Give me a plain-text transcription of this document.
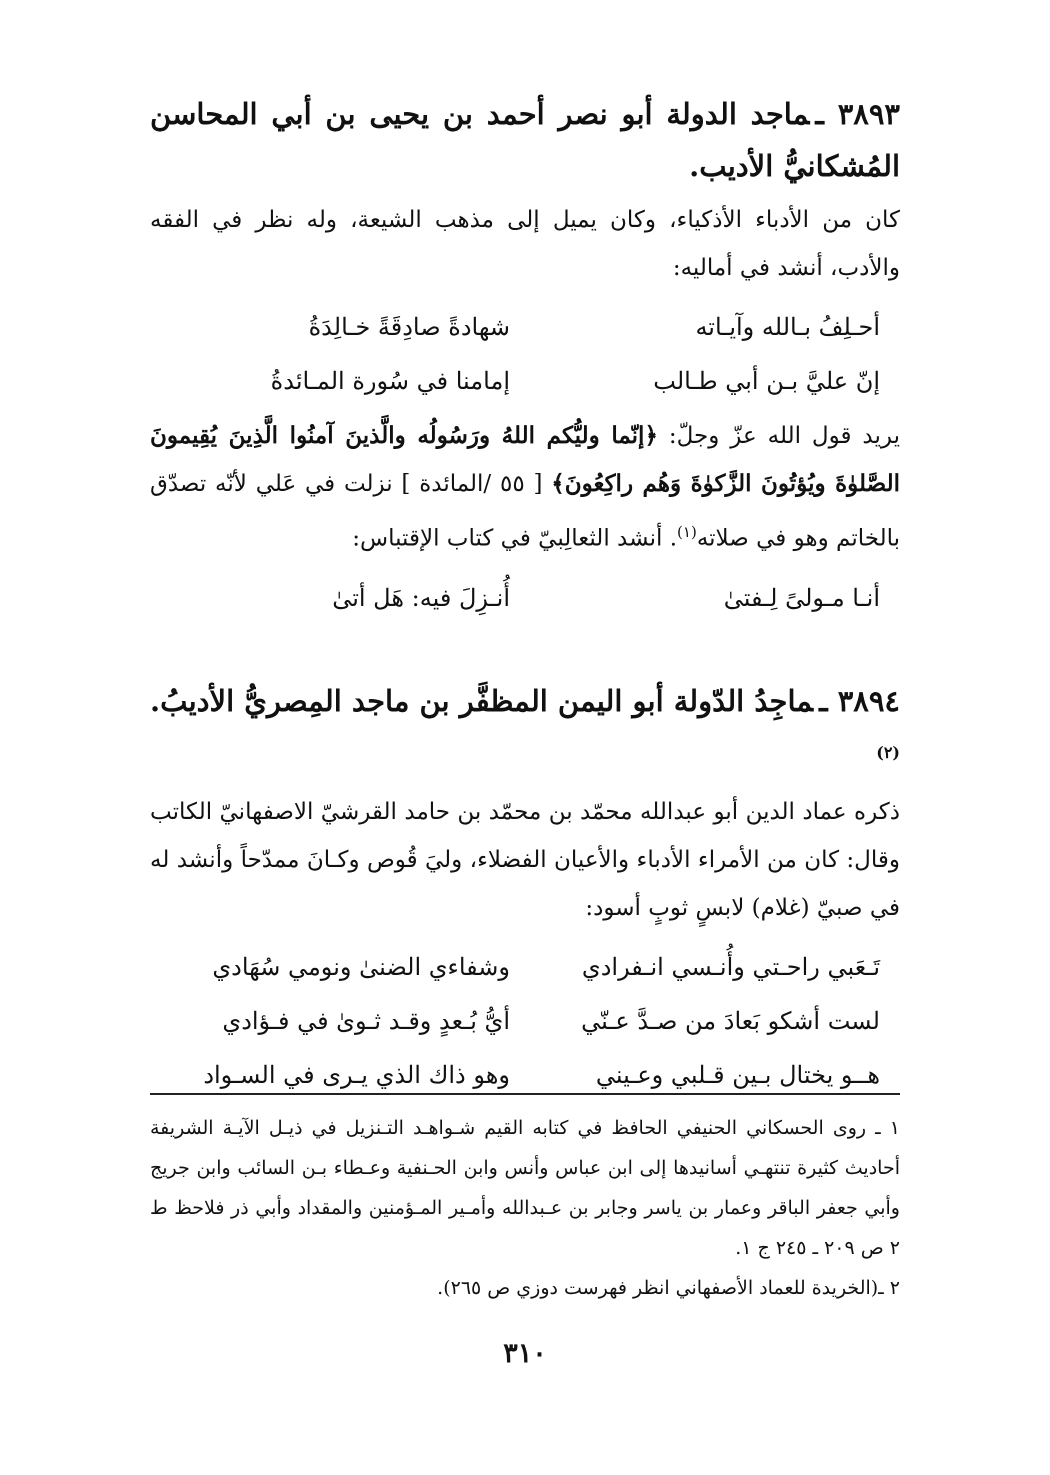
٣٨٩٣ ـماجد الدولة أبو نصر أحمد بن يحيى بن أبي المحاسن المُشكانيُّ الأديب.

كان من الأدباء الأذكياء، وكان يميل إلى مذهب الشيعة، وله نظر في الفقه والأدب، أنشد في أماليه:

أحـلِفُ بـالله وآيـاته
شهادةً صادِقَةً خـالِدَةُ
إنّ عليَّ بـن أبي طـالب
إمامنا في سُورة المـائدةُ

يريد قول الله عزّ وجلّ: ﴿إنّما وليُّكم اللهُ ورَسُولُه والَّذينَ آمنُوا الَّذِينَ يُقِيمونَ الصَّلوٰةَ ويُؤتُونَ الزَّكوٰةَ وَهُم راكِعُونَ﴾ [ ٥٥ /المائدة ] نزلت في عَلي لأنّه تصدّق بالخاتم وهو في صلاته$^{(١)}$. أنشد الثعالِبيّ في كتاب الإقتباس:

أنـا مـولىً لِـفتىٰ
أُنـزِلَ فيه: هَل أتىٰ
٣٨٩٤ ـماجِدُ الدّولة أبو اليمن المظفَّر بن ماجد المِصريُّ الأديبُ.$^{(٢)}$

ذكره عماد الدين أبو عبدالله محمّد بن محمّد بن حامد القرشيّ الاصفهانيّ الكاتب وقال: كان من الأمراء الأدباء والأعيان الفضلاء، وليَ قُوص وكـانَ ممدّحاً وأنشد له في صبيّ (غلام) لابسٍ ثوبٍ أسود:

تَـعَبي راحـتي وأُنـسي انـفرادي
وشفاءي الضنىٰ ونومي سُهَادي
لست أشكو بَعادَ من صـدَّ عـنّي
أيُّ بُـعدٍ وقـد ثـوىٰ في فـؤادي
هــو يختال بـين قـلبي وعـيني
وهو ذاك الذي يـرى في السـواد

١ ـ روى الحسكاني الحنيفي الحافظ في كتابه القيم شـواهـد التـنزيل في ذيـل الآيـة الشريفة أحاديث كثيرة تنتهـي أسانيدها إلى ابن عباس وأنس وابن الحـنفية وعـطاء بـن السائب وابن جريج وأبي جعفر الباقر وعمار بن ياسر وجابر بن عـبدالله وأمـير المـؤمنين والمقداد وأبي ذر فلاحظ ط ٢ ص ٢٠٩ ـ ٢٤٥ ج ١.

٢ ـ(الخريدة للعماد الأصفهاني انظر فهرست دوزي ص ٢٦٥).

٣١٠
